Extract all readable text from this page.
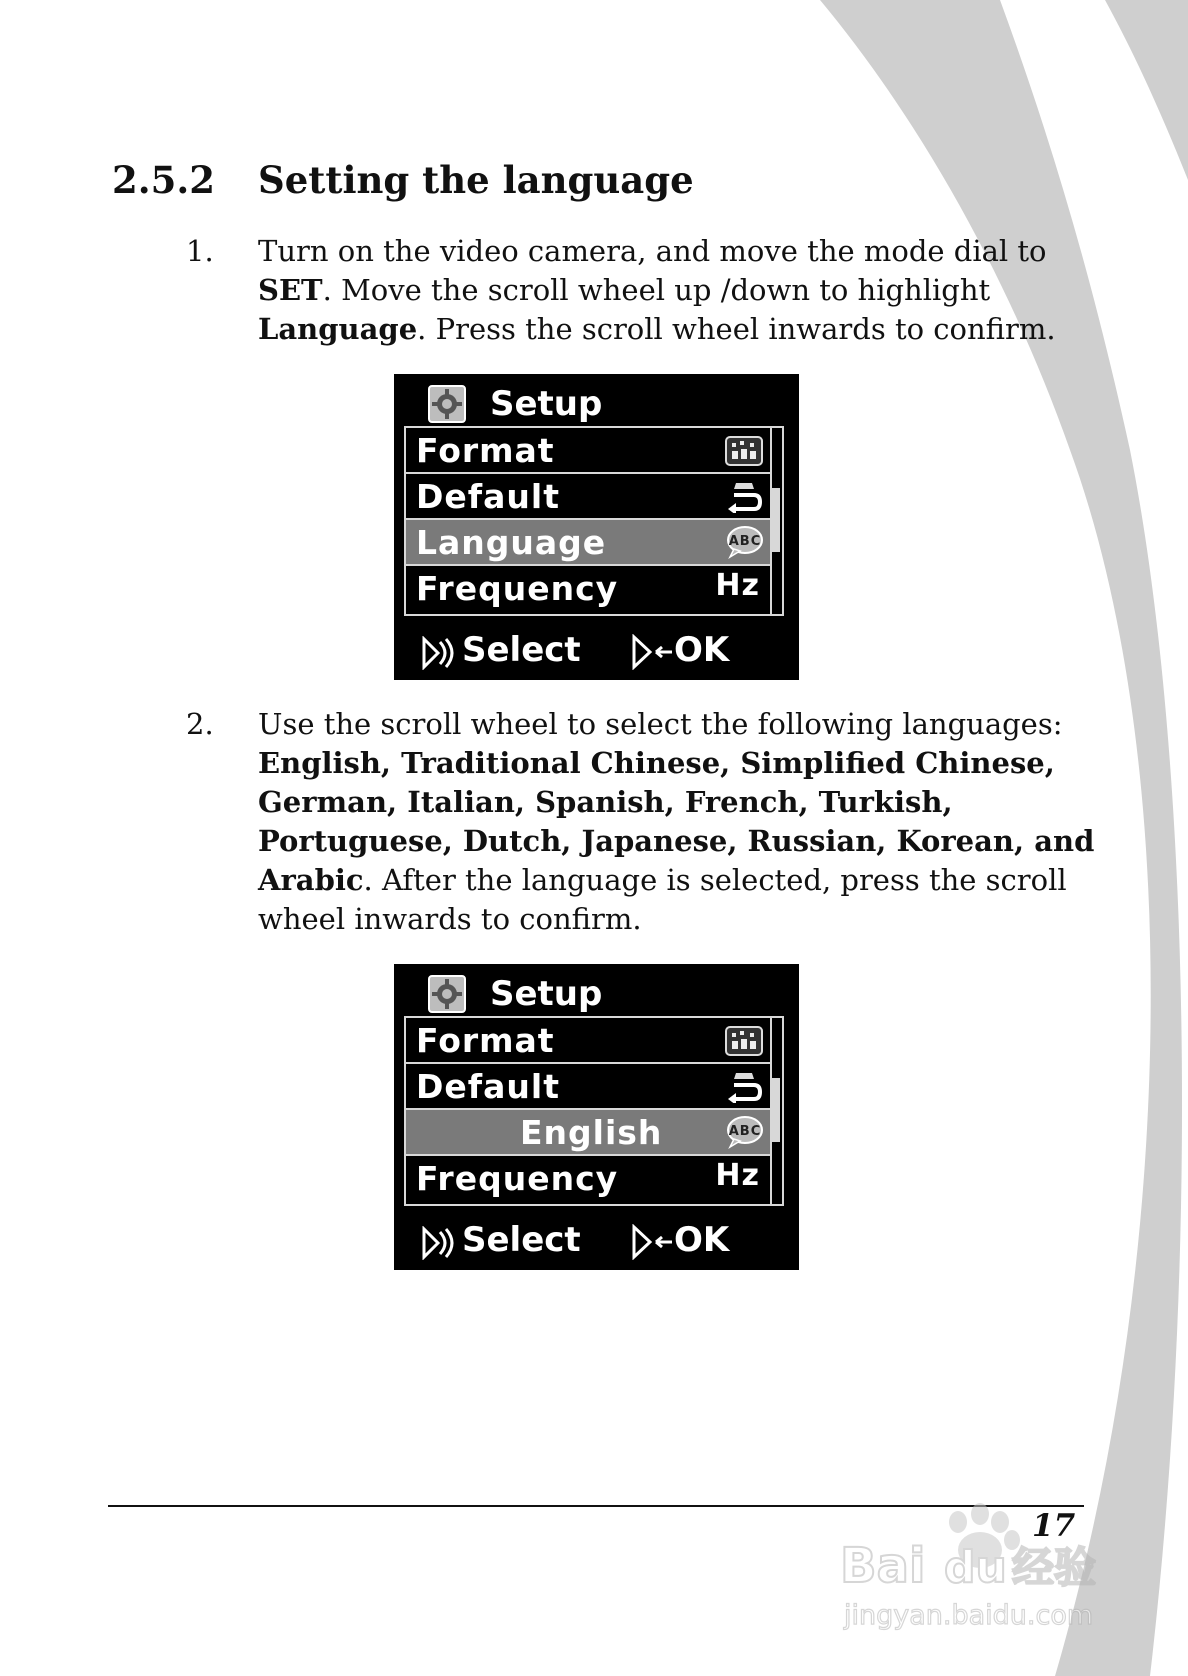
2.5.2 Setting the language
1. Turn on the video camera, and move the mode dial to SET. Move the scroll wheel up /down to highlight Language. Press the scroll wheel inwards to confirm.
Setup
Format
Default
Language	ABC
Frequency	Hz
Select	OK
2. Use the scroll wheel to select the following languages: English, Traditional Chinese, Simplified Chinese, German, Italian, Spanish, French, Turkish, Portuguese, Dutch, Japanese, Russian, Korean, and Arabic. After the language is selected, press the scroll wheel inwards to confirm.
Setup
Format
Default
English	ABC
Frequency	Hz
Select	OK
17
Bai du 经验
jingyan.baidu.com
